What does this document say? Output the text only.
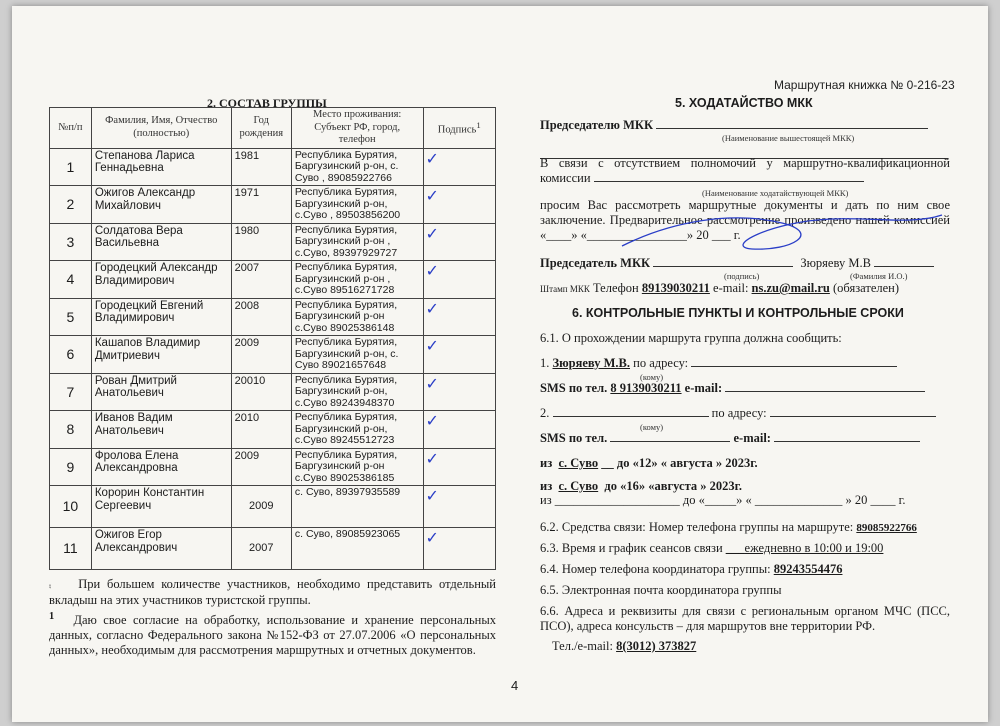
Маршрутная книжка № 0-216-23
2. СОСТАВ ГРУППЫ
№п/п	Фамилия, Имя, Отчество (полностью)	Год рождения	Место проживания: Субъект РФ, город, телефон	Подпись$^1$
1	Степанова Лариса Геннадьевна	1981	Республика Бурятия, Баргузинский р-он, с. Суво , 89085922766	✓

2	Ожигов Александр Михайлович	1971	Республика Бурятия, Баргузинский р-он, с.Суво , 89503856200	✓

3	Солдатова Вера Васильевна	1980	Республика Бурятия, Баргузинский р-он , с.Суво, 89397929727	✓

4	Городецкий Александр Владимирович	2007	Республика Бурятия, Баргузинский р-он , с.Суво 89516271728	✓

5	Городецкий Евгений Владимирович	2008	Республика Бурятия, Баргузинский р-он с.Суво 89025386148	✓

6	Кашапов Владимир Дмитриевич	2009	Республика Бурятия, Баргузинский р-он, с. Суво 89021657648	✓

7	Рован Дмитрий Анатольевич	20010	Республика Бурятия, Баргузинский р-он, с.Суво 89243948370	✓

8	Иванов Вадим Анатольевич	2010	Республика Бурятия, Баргузинский р-он, с.Суво 89245512723	✓

9	Фролова Елена Александровна	2009	Республика Бурятия, Баргузинский р-он с.Суво 89025386185	✓

10	Корорин Константин Сергеевич	2009	с. Суво, 89397935589	✓

11	Ожигов Егор Александрович	2007	с. Суво, 89085923065	✓
⨾ При большем количестве участников, необходимо представить отдельный вкладыш на этих участников туристской группы.
$^1$ Даю свое согласие на обработку, использование и хранение персональных данных, согласно Федерального закона №152-ФЗ от 27.07.2006 «О персональных данных», необходимым для рассмотрения маршрутных и отчетных документов.
5. ХОДАТАЙСТВО МКК
Председателю МКК
(Наименование вышестоящей МКК)
В связи с отсутствием полномочий у маршрутно-квалификационной комиссии
(Наименование ходатайствующей МКК)
просим Вас рассмотреть маршрутные документы и дать по ним свое заключение. Предварительное рассмотрение произведено нашей комиссией «____» «________________» 20 ___ г.
Председатель МКК	Зюряеву М.В
(подпись)	(Фамилия И.О.)
Штамп МКК Телефон 89139030211 e-mail: ns.zu@mail.ru (обязателен)
6. КОНТРОЛЬНЫЕ ПУНКТЫ И КОНТРОЛЬНЫЕ СРОКИ
6.1. О прохождении маршрута группа должна сообщить:
1. Зюряеву М.В. по адресу:
(кому)
SMS по тел. 8 9139030211 e-mail:
2.	по адресу:
(кому)
SMS по тел.	e-mail:
из с. Суво __ до «12» « августа » 2023г.
из с. Суво до «16» «августа » 2023г.
из ____________________ до «_____» « ______________ » 20 ____ г.
6.2. Средства связи: Номер телефона группы на маршруте: 89085922766
6.3. Время и график сеансов связи ___ежедневно в 10:00 и 19:00
6.4. Номер телефона координатора группы: 89243554476
6.5. Электронная почта координатора группы
6.6. Адреса и реквизиты для связи с региональным органом МЧС (ПСС, ПСО), адреса консульств – для маршрутов вне территории РФ.
Тел./e-mail: 8(3012) 373827
4
